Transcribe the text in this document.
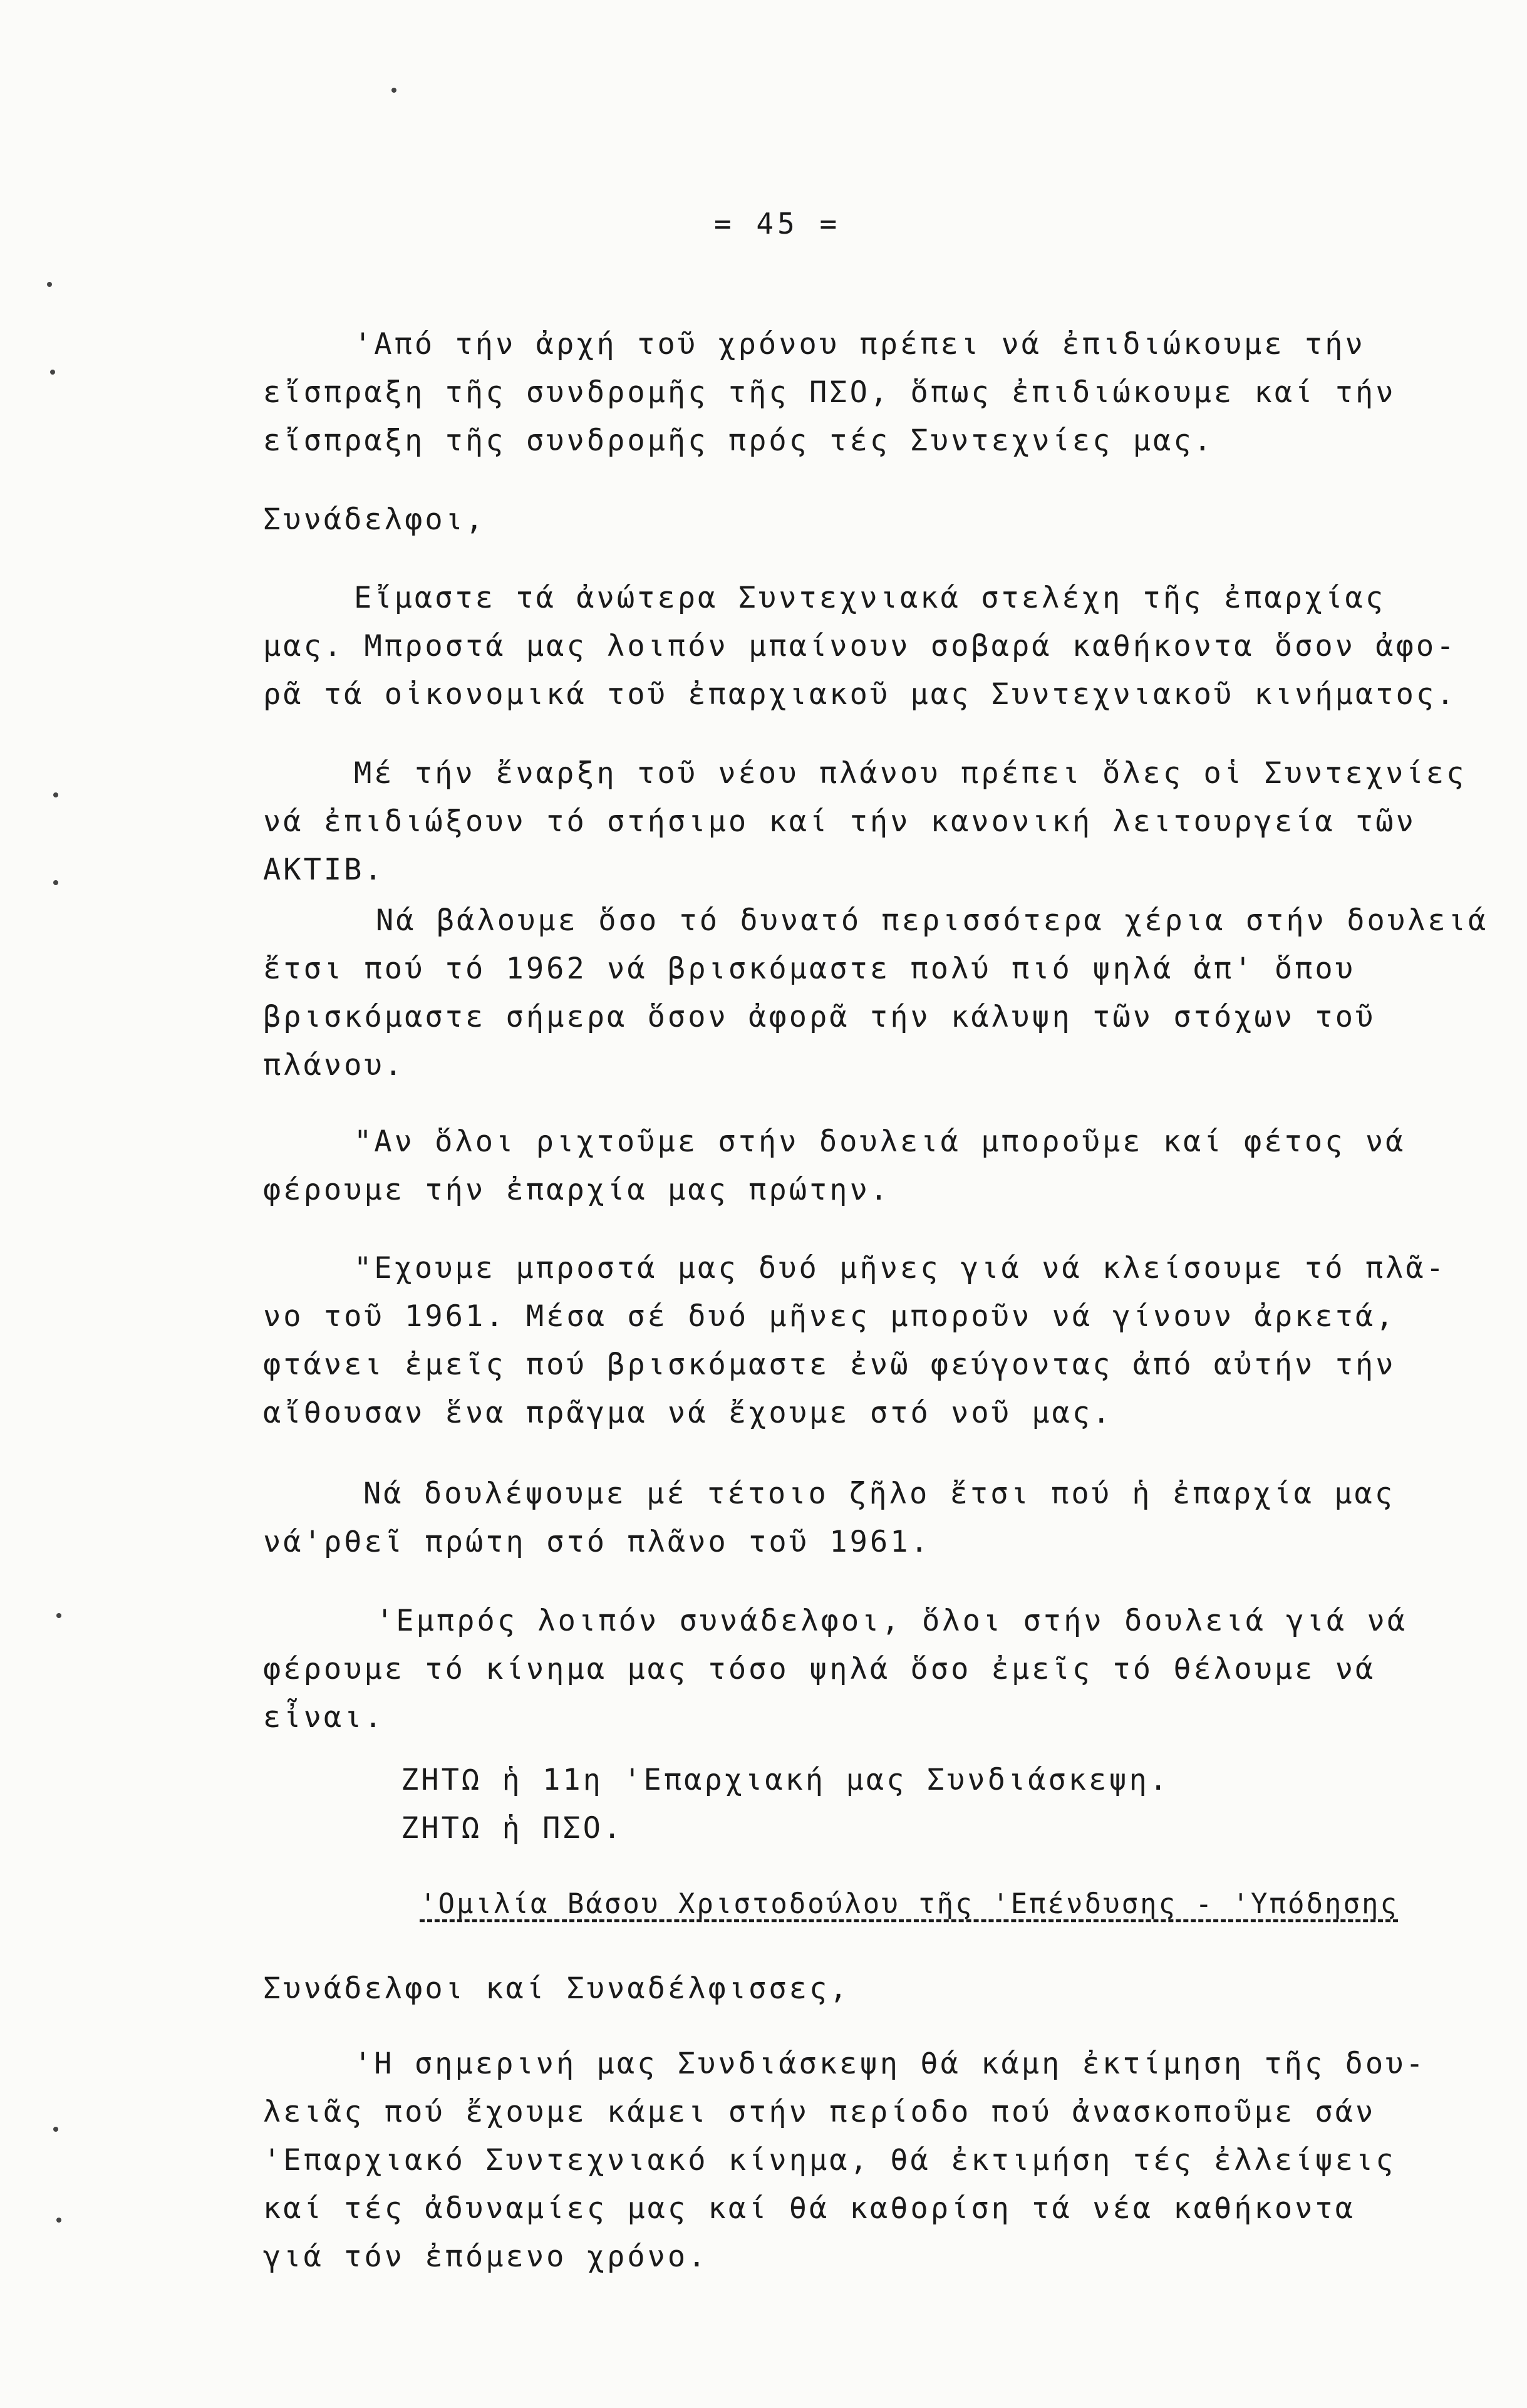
= 45 =
'Από τήν ἀρχή τοῦ χρόνου πρέπει νά ἐπιδιώκουμε τήν
εἴσπραξη τῆς συνδρομῆς τῆς ΠΣΟ, ὅπως ἐπιδιώκουμε καί τήν
εἴσπραξη τῆς συνδρομῆς πρός τές Συντεχνίες μας.
Συνάδελφοι,
Εἴμαστε τά ἀνώτερα Συντεχνιακά στελέχη τῆς ἐπαρχίας
μας. Μπροστά μας λοιπόν μπαίνουν σοβαρά καθήκοντα ὅσον ἀφο-
ρᾶ τά οἰκονομικά τοῦ ἐπαρχιακοῦ μας Συντεχνιακοῦ κινήματος.
Μέ τήν ἔναρξη τοῦ νέου πλάνου πρέπει ὅλες οἱ Συντεχνίες
νά ἐπιδιώξουν τό στήσιμο καί τήν κανονική λειτουργεία τῶν
ΑΚΤΙΒ.
Νά βάλουμε ὅσο τό δυνατό περισσότερα χέρια στήν δουλειά
ἔτσι πού τό 1962 νά βρισκόμαστε πολύ πιό ψηλά ἀπ' ὅπου
βρισκόμαστε σήμερα ὅσον ἀφορᾶ τήν κάλυψη τῶν στόχων τοῦ
πλάνου.
"Αν ὅλοι ριχτοῦμε στήν δουλειά μποροῦμε καί φέτος νά
φέρουμε τήν ἐπαρχία μας πρώτην.
"Εχουμε μπροστά μας δυό μῆνες γιά νά κλείσουμε τό πλᾶ-
νο τοῦ 1961. Μέσα σέ δυό μῆνες μποροῦν νά γίνουν ἀρκετά,
φτάνει ἐμεῖς πού βρισκόμαστε ἐνῶ φεύγοντας ἀπό αὐτήν τήν
αἴθουσαν ἕνα πρᾶγμα νά ἔχουμε στό νοῦ μας.
Νά δουλέψουμε μέ τέτοιο ζῆλο ἔτσι πού ἡ ἐπαρχία μας
νά'ρθεῖ πρώτη στό πλᾶνο τοῦ 1961.
'Εμπρός λοιπόν συνάδελφοι, ὅλοι στήν δουλειά γιά νά
φέρουμε τό κίνημα μας τόσο ψηλά ὅσο ἐμεῖς τό θέλουμε νά
εἶναι.
ΖΗΤΩ ἡ 11η 'Επαρχιακή μας Συνδιάσκεψη.
ΖΗΤΩ ἡ ΠΣΟ.
'Ομιλία Βάσου Χριστοδούλου τῆς 'Επένδυσης - 'Υπόδησης
Συνάδελφοι καί Συναδέλφισσες,
'Η σημερινή μας Συνδιάσκεψη θά κάμη ἐκτίμηση τῆς δου-
λειᾶς πού ἔχουμε κάμει στήν περίοδο πού ἀνασκοποῦμε σάν
'Επαρχιακό Συντεχνιακό κίνημα, θά ἐκτιμήση τές ἐλλείψεις
καί τές ἀδυναμίες μας καί θά καθορίση τά νέα καθήκοντα
γιά τόν ἐπόμενο χρόνο.
